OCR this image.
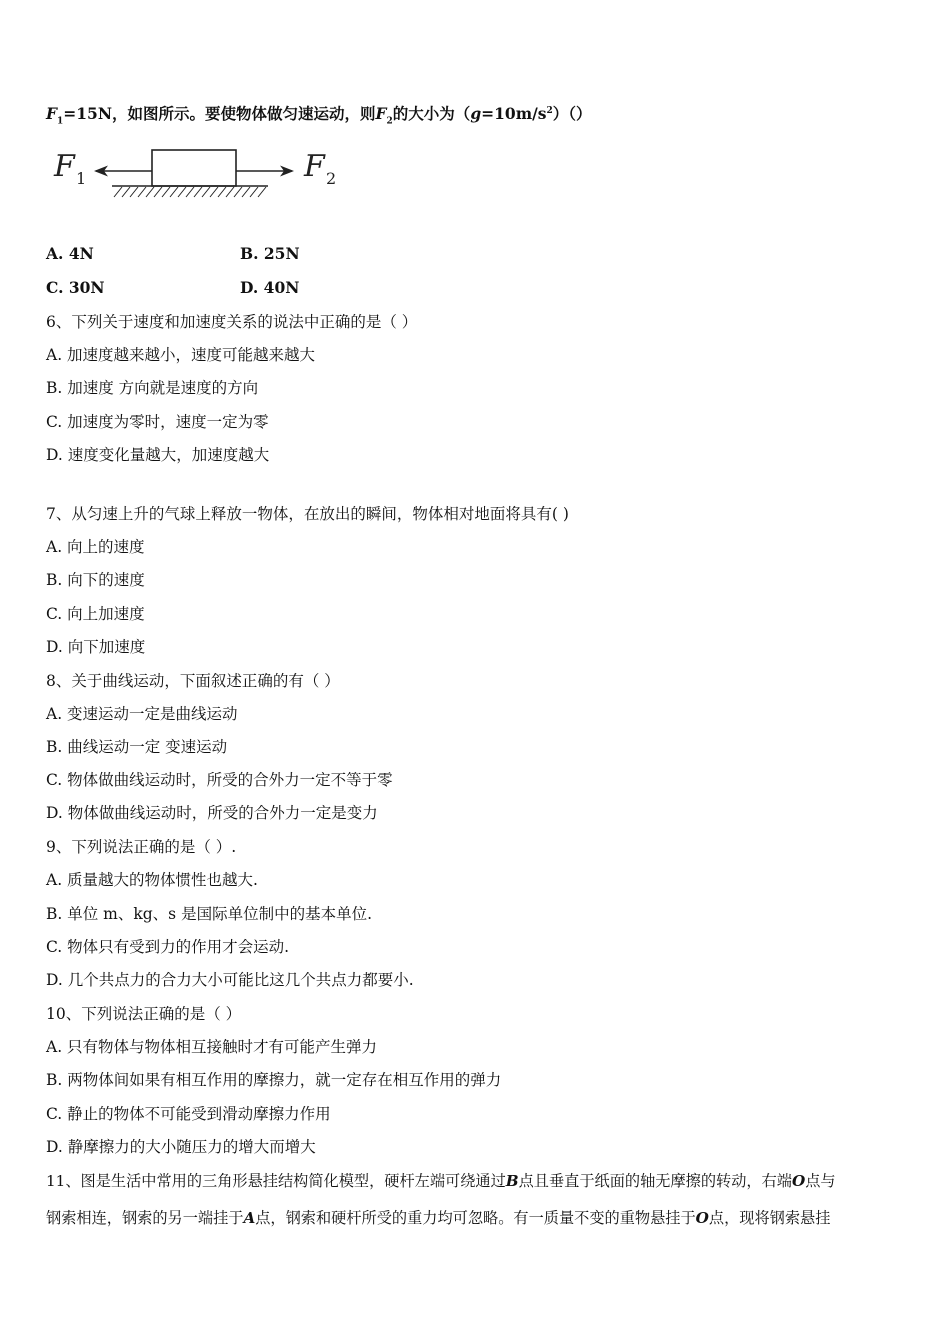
$F_1=15N$，如图所示。要使物体做匀速运动，则$F_2$的大小为$(g=10m/s^2)()$
F 1	F 2
A. 4N	B. 25N
C. 30N	D. 40N
6、下列关于速度和加速度关系的说法中正确的是（ ）
A. 加速度越来越小，速度可能越来越大
B. 加速度 方向就是速度的方向
C. 加速度为零时，速度一定为零
D. 速度变化量越大，加速度越大
7、从匀速上升的气球上释放一物体，在放出的瞬间，物体相对地面将具有( )
A. 向上的速度
B. 向下的速度
C. 向上加速度
D. 向下加速度
8、关于曲线运动，下面叙述正确的有（ ）
A. 变速运动一定是曲线运动
B. 曲线运动一定 变速运动
C. 物体做曲线运动时，所受的合外力一定不等于零
D. 物体做曲线运动时，所受的合外力一定是变力
9、下列说法正确的是（ ）.
A. 质量越大的物体惯性也越大.
B. 单位 m、kg、s 是国际单位制中的基本单位.
C. 物体只有受到力的作用才会运动.
D. 几个共点力的合力大小可能比这几个共点力都要小.
10、下列说法正确的是（ ）
A. 只有物体与物体相互接触时才有可能产生弹力
B. 两物体间如果有相互作用的摩擦力，就一定存在相互作用的弹力
C. 静止的物体不可能受到滑动摩擦力作用
D. 静摩擦力的大小随压力的增大而增大
11、图是生活中常用的三角形悬挂结构简化模型，硬杆左端可绕通过B点且垂直于纸面的轴无摩擦的转动，右端O点与
钢索相连，钢索的另一端挂于A点，钢索和硬杆所受的重力均可忽略。有一质量不变的重物悬挂于O点，现将钢索悬挂
